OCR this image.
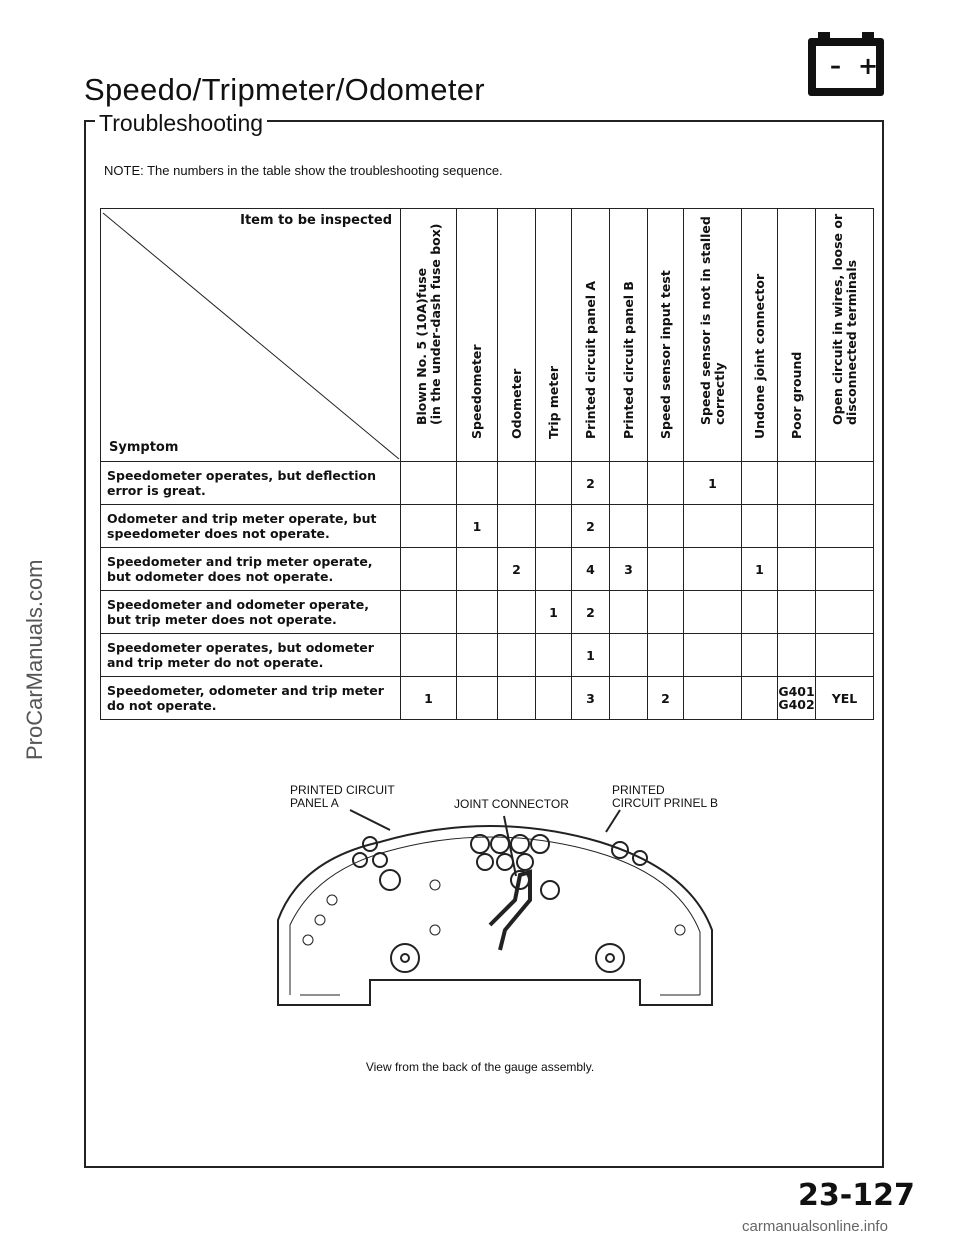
Speedo/Tripmeter/Odometer
Troubleshooting
– +
NOTE: The numbers in the table show the troubleshooting sequence.
Item to be inspected
Symptom	Blown No. 5 (10A)fuse
(in the under-dash fuse box)	Speedometer	Odometer	Trip meter	Printed circuit panel A	Printed circuit panel B	Speed sensor input test	Speed sensor is not in stalled
correctly	Undone joint connector	Poor ground	Open circuit in wires, loose or
disconnected terminals

Speedometer operates, but deflection error is great.					2			1			
Odometer and trip meter operate, but speedometer does not operate.		1			2						
Speedometer and trip meter operate, but odometer does not operate.			2		4	3			1		
Speedometer and odometer operate, but trip meter does not operate.				1	2						
Speedometer operates, but odometer and trip meter do not operate.					1						
Speedometer, odometer and trip meter do not operate.	1				3		2			G401
G402	YEL
PRINTED CIRCUIT
PANEL A	JOINT CONNECTOR
PRINTED
CIRCUIT PRINEL B
View from the back of the gauge assembly.
ProCarManuals.com
23-127
carmanualsonline.info
